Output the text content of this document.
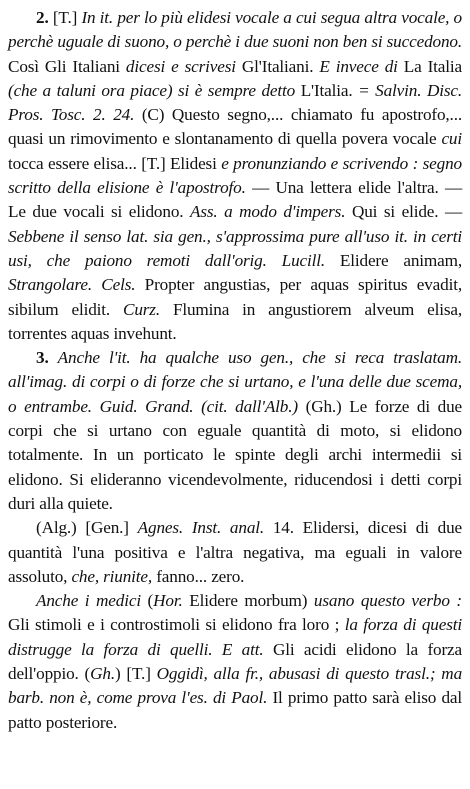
2. [T.] In it. per lo più elidesi vocale a cui segua altra vocale, o perchè uguale di suono, o perchè i due suoni non ben si succedono. Così Gli Italiani dicesi e scrivesi Gl'Italiani. E invece di La Italia (che a taluni ora piace) si è sempre detto L'Italia. = Salvin. Disc. Pros. Tosc. 2. 24. (C) Questo segno,... chiamato fu apostrofo,... quasi un rimovimento e slontanamento di quella povera vocale cui tocca essere elisa... [T.] Elidesi e pronunziando e scrivendo : segno scritto della elisione è l'apostrofo. — Una lettera elide l'altra. — Le due vocali si elidono. Ass. a modo d'impers. Qui si elide. — Sebbene il senso lat. sia gen., s'approssima pure all'uso it. in certi usi, che paiono remoti dall'orig. Lucill. Elidere animam, Strangolare. Cels. Propter angustias, per aquas spiritus evadit, sibilum elidit. Curz. Flumina in angustiorem alveum elisa, torrentes aquas invehunt.

3. Anche l'it. ha qualche uso gen., che si reca traslatam. all'imag. di corpi o di forze che si urtano, e l'una delle due scema, o entrambe. Guid. Grand. (cit. dall'Alb.) (Gh.) Le forze di due corpi che si urtano con eguale quantità di moto, si elidono totalmente. In un porticato le spinte degli archi intermedii si elidono. Si elideranno vicendevolmente, riducendosi i detti corpi duri alla quiete.

(Alg.) [Gen.] Agnes. Inst. anal. 14. Elidersi, dicesi di due quantità l'una positiva e l'altra negativa, ma eguali in valore assoluto, che, riunite, fanno... zero.

Anche i medici (Hor. Elidere morbum) usano questo verbo : Gli stimoli e i controstimoli si elidono fra loro ; la forza di questi distrugge la forza di quelli. E att. Gli acidi elidono la forza dell'oppio. (Gh.) [T.] Oggidì, alla fr., abusasi di questo trasl.; ma barb. non è, come prova l'es. di Paol. Il primo patto sarà eliso dal patto posteriore.
